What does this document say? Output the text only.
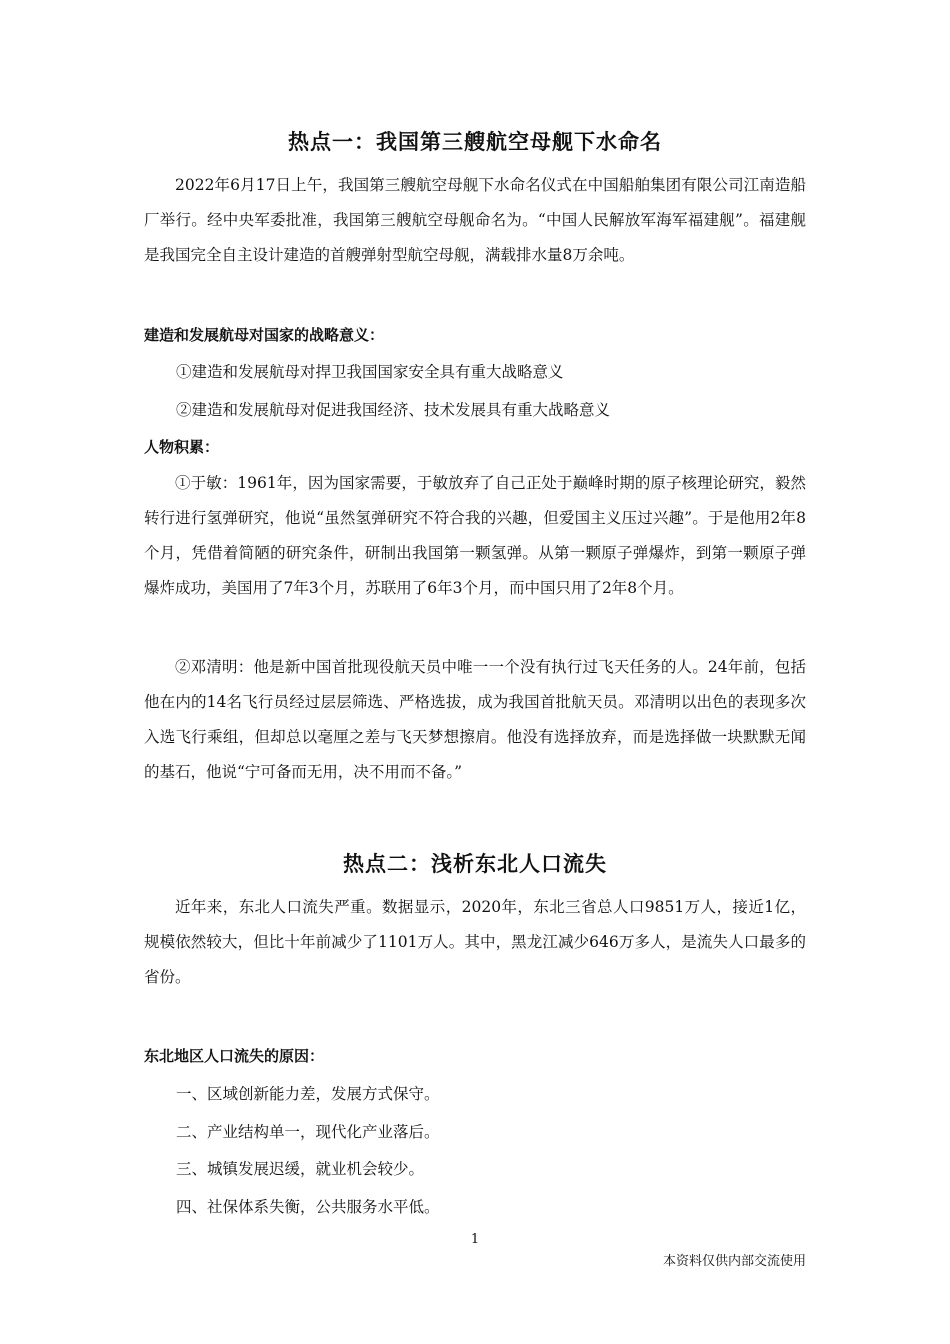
热点一：我国第三艘航空母舰下水命名

2022年6月17日上午，我国第三艘航空母舰下水命名仪式在中国船舶集团有限公司江南造船厂举行。经中央军委批准，我国第三艘航空母舰命名为。“中国人民解放军海军福建舰”。福建舰是我国完全自主设计建造的首艘弹射型航空母舰，满载排水量8万余吨。

建造和发展航母对国家的战略意义：

①建造和发展航母对捍卫我国国家安全具有重大战略意义

②建造和发展航母对促进我国经济、技术发展具有重大战略意义

人物积累：

①于敏：1961年，因为国家需要，于敏放弃了自己正处于巅峰时期的原子核理论研究，毅然转行进行氢弹研究，他说“虽然氢弹研究不符合我的兴趣，但爱国主义压过兴趣”。于是他用2年8个月，凭借着简陋的研究条件，研制出我国第一颗氢弹。从第一颗原子弹爆炸，到第一颗原子弹爆炸成功，美国用了7年3个月，苏联用了6年3个月，而中国只用了2年8个月。

②邓清明：他是新中国首批现役航天员中唯一一个没有执行过飞天任务的人。24年前，包括他在内的14名飞行员经过层层筛选、严格选拔，成为我国首批航天员。邓清明以出色的表现多次入选飞行乘组，但却总以毫厘之差与飞天梦想擦肩。他没有选择放弃，而是选择做一块默默无闻的基石，他说“宁可备而无用，决不用而不备。”

热点二：浅析东北人口流失

近年来，东北人口流失严重。数据显示，2020年，东北三省总人口9851万人，接近1亿，规模依然较大，但比十年前减少了1101万人。其中，黑龙江减少646万多人，是流失人口最多的省份。

东北地区人口流失的原因：

一、区域创新能力差，发展方式保守。

二、产业结构单一，现代化产业落后。

三、城镇发展迟缓，就业机会较少。

四、社保体系失衡，公共服务水平低。

1
本资料仅供内部交流使用
